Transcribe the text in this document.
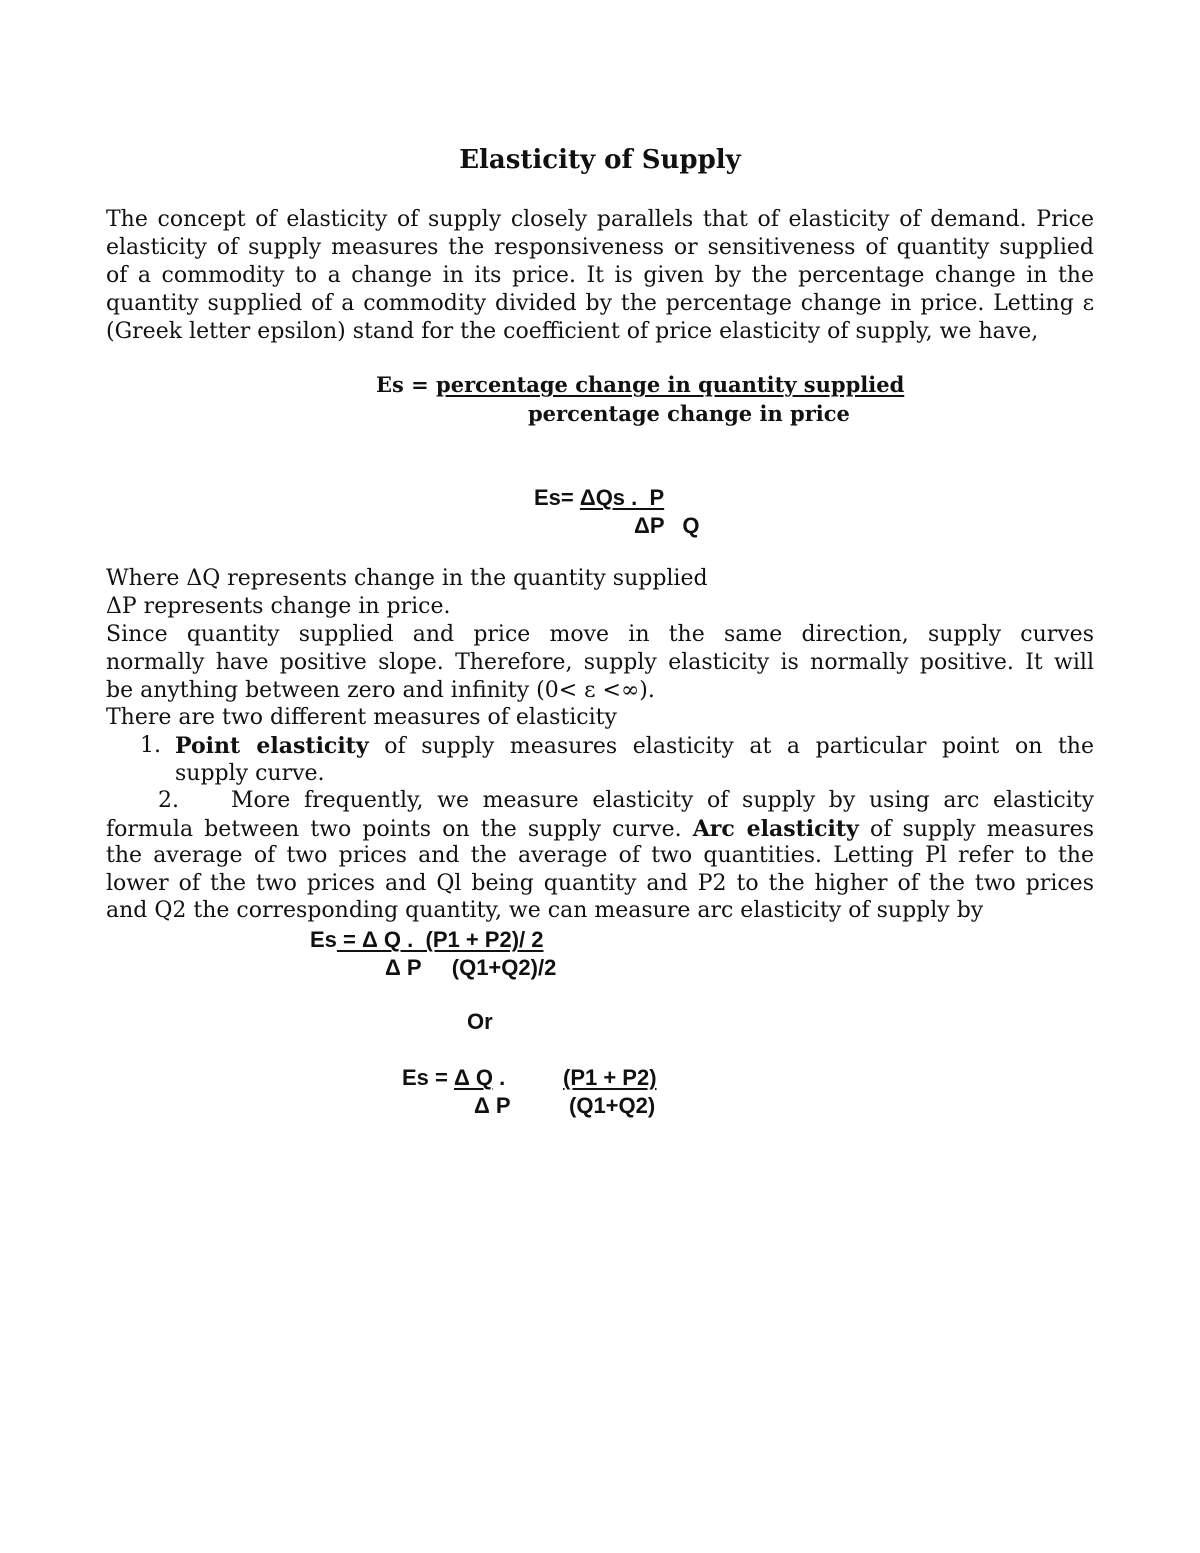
Elasticity of Supply
The concept of elasticity of supply closely parallels that of elasticity of demand. Price
elasticity of supply measures the responsiveness or sensitiveness of quantity supplied
of a commodity to a change in its price. It is given by the percentage change in the
quantity supplied of a commodity divided by the percentage change in price. Letting ε
(Greek letter epsilon) stand for the coefficient of price elasticity of supply, we have,
Es = percentage change in quantity supplied
percentage change in price
Es= ΔQs .  P
ΔP   Q
Where ΔQ represents change in the quantity supplied
ΔP represents change in price.
Since quantity supplied and price move in the same direction, supply curves
normally have positive slope. Therefore, supply elasticity is normally positive. It will
be anything between zero and infinity (0< ε <∞).
There are two different measures of elasticity
1. Point elasticity of supply measures elasticity at a particular point on the
supply curve.
2. More frequently, we measure elasticity of supply by using arc elasticity
formula between two points on the supply curve. Arc elasticity of supply measures
the average of two prices and the average of two quantities. Letting Pl refer to the
lower of the two prices and Ql being quantity and P2 to the higher of the two prices
and Q2 the corresponding quantity, we can measure arc elasticity of supply by
Es = Δ Q .  (P1 + P2)/ 2
Δ P     (Q1+Q2)/2
Or
Es = Δ Q .	(P1 + P2)
Δ P	(Q1+Q2)
